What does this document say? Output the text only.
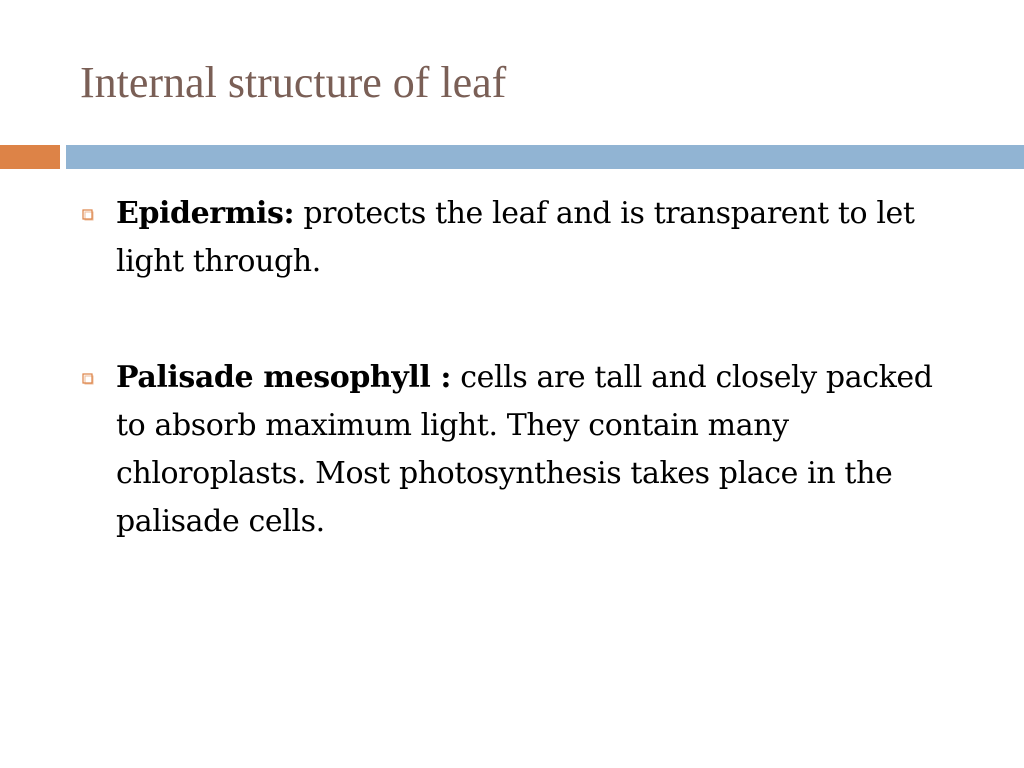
Internal structure of leaf
Epidermis: protects the leaf and is transparent to let light through.
Palisade mesophyll : cells are tall and closely packed to absorb maximum light. They contain many chloroplasts. Most photosynthesis takes place in the palisade cells.
